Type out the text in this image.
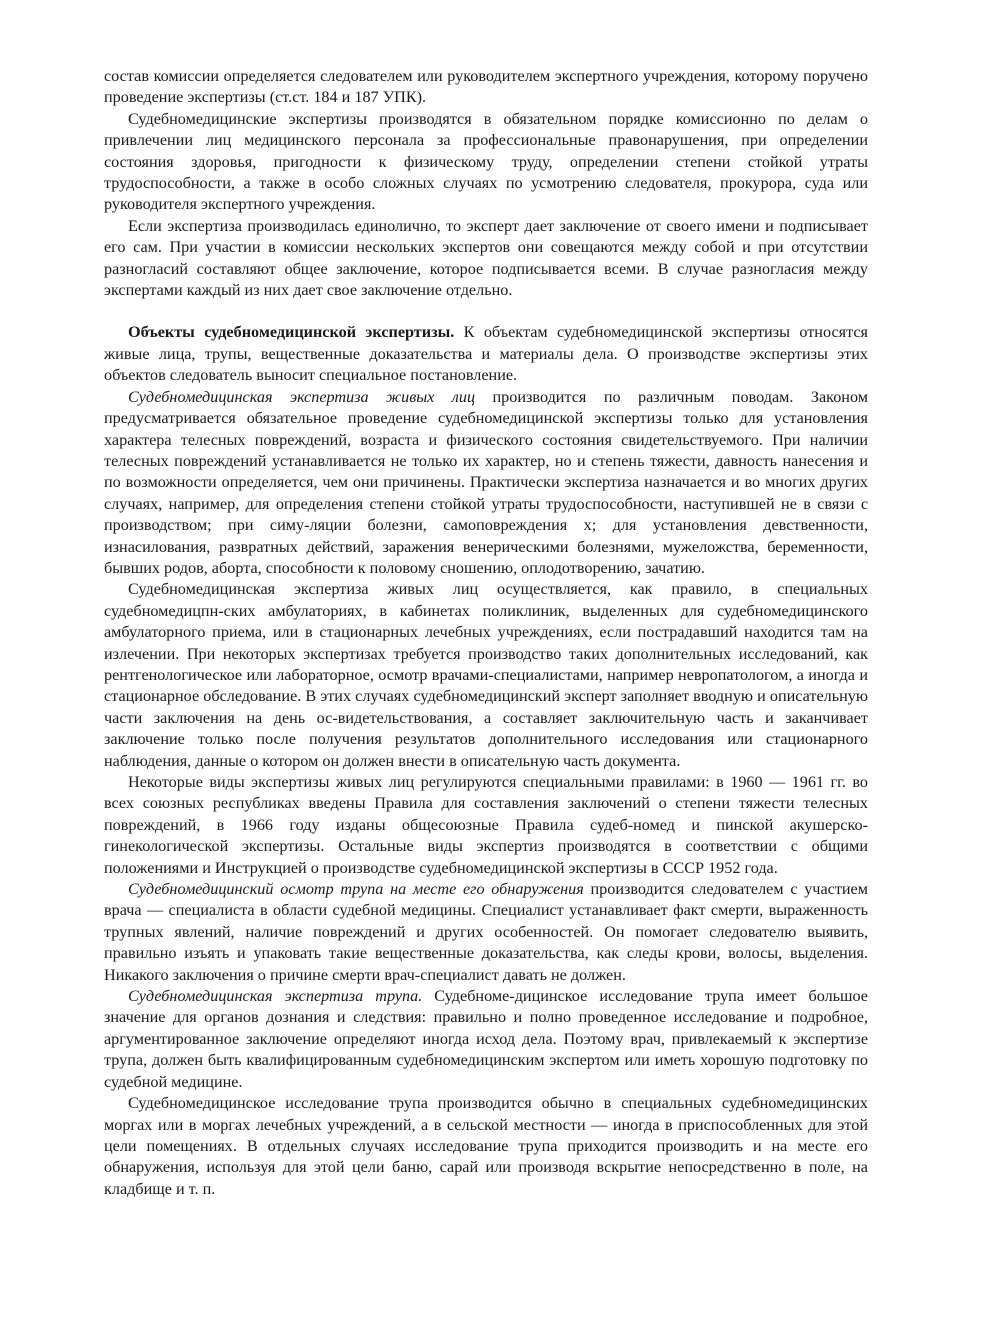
состав комиссии определяется следователем или руководителем экспертного учреждения, которому поручено проведение экспертизы (ст.ст. 184 и 187 УПК).

Судебномедицинские экспертизы производятся в обязательном порядке комиссионно по делам о привлечении лиц медицинского персонала за профессиональные правонарушения, при определении состояния здоровья, пригодности к физическому труду, определении степени стойкой утраты трудоспособности, а также в особо сложных случаях по усмотрению следователя, прокурора, суда или руководителя экспертного учреждения.

Если экспертиза производилась единолично, то эксперт дает заключение от своего имени и подписывает его сам. При участии в комиссии нескольких экспертов они совещаются между собой и при отсутствии разногласий составляют общее заключение, которое подписывается всеми. В случае разногласия между экспертами каждый из них дает свое заключение отдельно.

Объекты судебномедицинской экспертизы. К объектам судебномедицинской экспертизы относятся живые лица, трупы, вещественные доказательства и материалы дела. О производстве экспертизы этих объектов следователь выносит специальное постановление.

Судебномедицинская экспертиза живых лиц производится по различным поводам. Законом предусматривается обязательное проведение судебномедицинской экспертизы только для установления характера телесных повреждений, возраста и физического состояния свидетельствуемого. При наличии телесных повреждений устанавливается не только их характер, но и степень тяжести, давность нанесения и по возможности определяется, чем они причинены. Практически экспертиза назначается и во многих других случаях, например, для определения степени стойкой утраты трудоспособности, наступившей не в связи с производством; при симу-ляции болезни, самоповреждения х; для установления девственности, изнасилования, развратных действий, заражения венерическими болезнями, мужеложства, беременности, бывших родов, аборта, способности к половому сношению, оплодотворению, зачатию.

Судебномедицинская экспертиза живых лиц осуществляется, как правило, в специальных судебномедицпн-ских амбулаториях, в кабинетах поликлиник, выделенных для судебномедицинского амбулаторного приема, или в стационарных лечебных учреждениях, если пострадавший находится там на излечении. При некоторых экспертизах требуется производство таких дополнительных исследований, как рентгенологическое или лабораторное, осмотр врачами-специалистами, например невропатологом, а иногда и стационарное обследование. В этих случаях судебномедицинский эксперт заполняет вводную и описательную части заключения на день ос-видетельствования, а составляет заключительную часть и заканчивает заключение только после получения результатов дополнительного исследования или стационарного наблюдения, данные о котором он должен внести в описательную часть документа.

Некоторые виды экспертизы живых лиц регулируются специальными правилами: в 1960 — 1961 гг. во всех союзных республиках введены Правила для составления заключений о степени тяжести телесных повреждений, в 1966 году изданы общесоюзные Правила судеб-номед и пинской акушерско-гинекологической экспертизы. Остальные виды экспертиз производятся в соответствии с общими положениями и Инструкцией о производстве судебномедицинской экспертизы в СССР 1952 года.

Судебномедицинский осмотр трупа на месте его обнаружения производится следователем с участием врача — специалиста в области судебной медицины. Специалист устанавливает факт смерти, выраженность трупных явлений, наличие повреждений и других особенностей. Он помогает следователю выявить, правильно изъять и упаковать такие вещественные доказательства, как следы крови, волосы, выделения. Никакого заключения о причине смерти врач-специалист давать не должен.

Судебномедицинская экспертиза трупа. Судебноме-дицинское исследование трупа имеет большое значение для органов дознания и следствия: правильно и полно проведенное исследование и подробное, аргументированное заключение определяют иногда исход дела. Поэтому врач, привлекаемый к экспертизе трупа, должен быть квалифицированным судебномедицинским экспертом или иметь хорошую подготовку по судебной медицине.

Судебномедицинское исследование трупа производится обычно в специальных судебномедицинских моргах или в моргах лечебных учреждений, а в сельской местности — иногда в приспособленных для этой цели помещениях. В отдельных случаях исследование трупа приходится производить и на месте его обнаружения, используя для этой цели баню, сарай или производя вскрытие непосредственно в поле, на кладбище и т. п.
